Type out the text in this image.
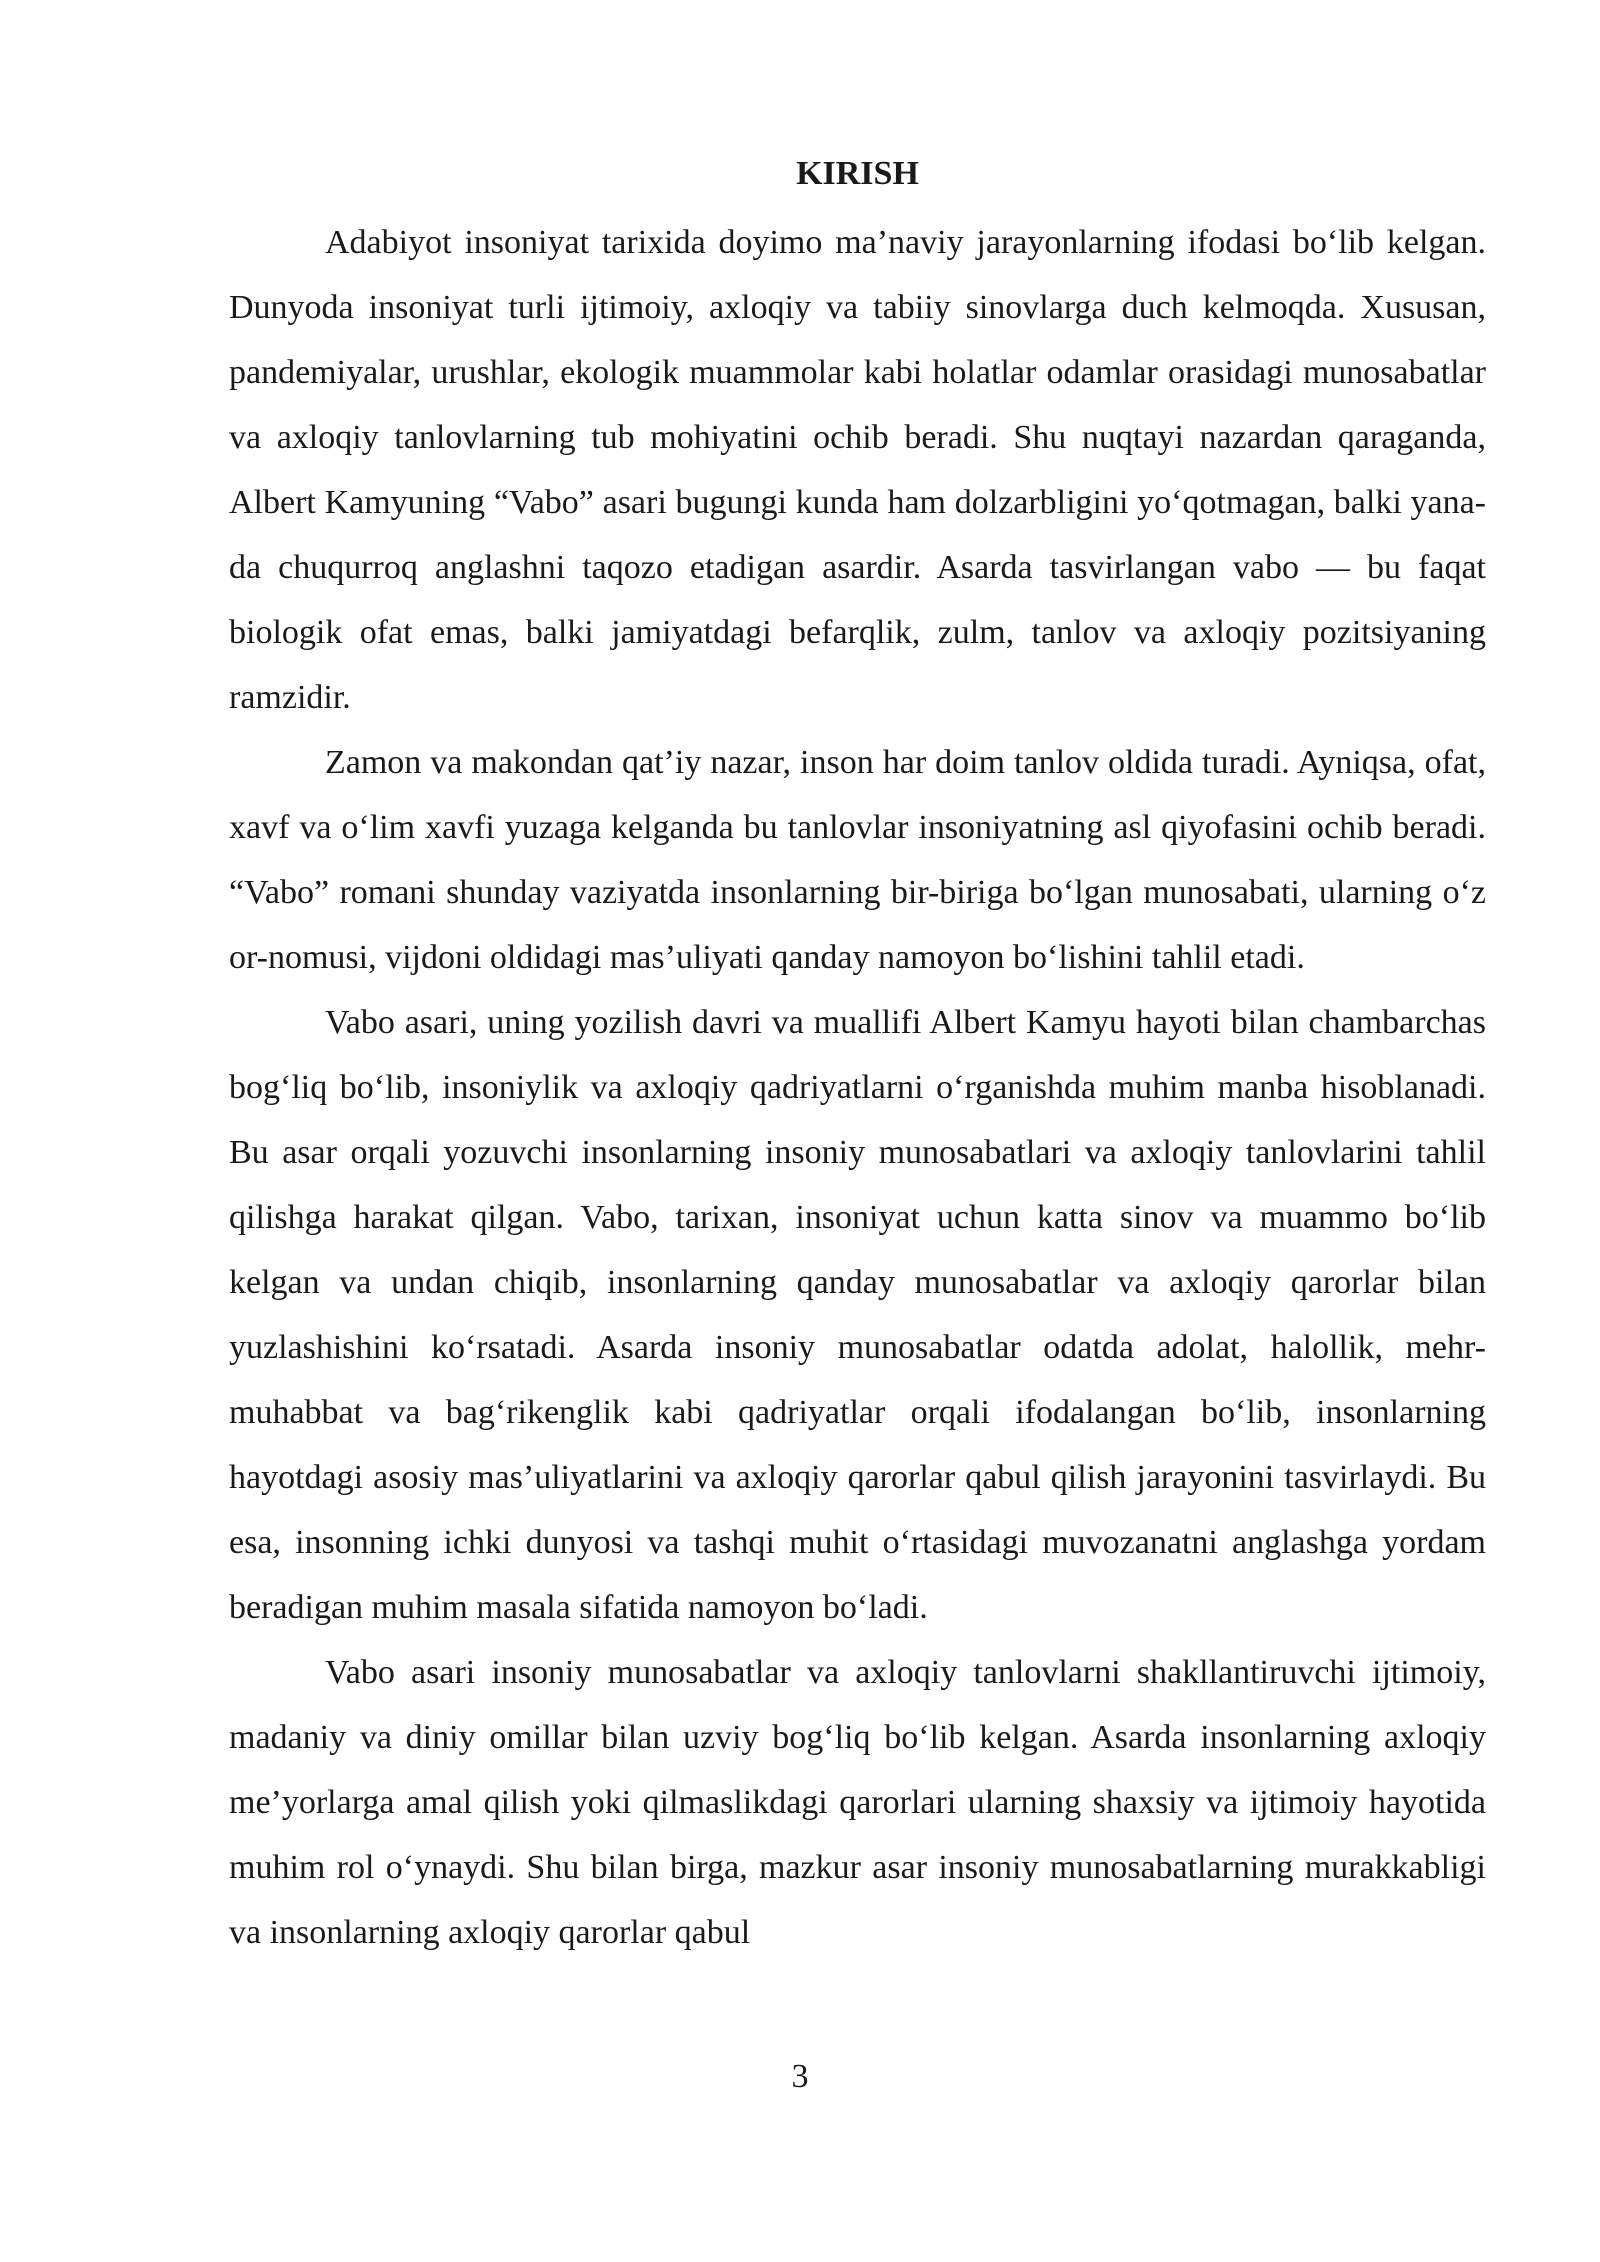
KIRISH

Adabiyot insoniyat tarixida doyimo ma’naviy jarayonlarning ifodasi bo‘lib kelgan. Dunyoda insoniyat turli ijtimoiy, axloqiy va tabiiy sinovlarga duch kelmoqda. Xususan, pandemiyalar, urushlar, ekologik muammolar kabi holatlar odamlar orasidagi munosabatlar va axloqiy tanlovlarning tub mohiyatini ochib beradi. Shu nuqtayi nazardan qaraganda, Albert Kamyuning “Vabo” asari bugungi kunda ham dolzarbligini yo‘qotmagan, balki yana-da chuqurroq anglashni taqozo etadigan asardir. Asarda tasvirlangan vabo — bu faqat biologik ofat emas, balki jamiyatdagi befarqlik, zulm, tanlov va axloqiy pozitsiyaning ramzidir.

Zamon va makondan qat’iy nazar, inson har doim tanlov oldida turadi. Ayniqsa, ofat, xavf va o‘lim xavfi yuzaga kelganda bu tanlovlar insoniyatning asl qiyofasini ochib beradi. “Vabo” romani shunday vaziyatda insonlarning bir-biriga bo‘lgan munosabati, ularning o‘z or-nomusi, vijdoni oldidagi mas’uliyati qanday namoyon bo‘lishini tahlil etadi.

Vabo asari, uning yozilish davri va muallifi Albert Kamyu hayoti bilan chambarchas bog‘liq bo‘lib, insoniylik va axloqiy qadriyatlarni o‘rganishda muhim manba hisoblanadi. Bu asar orqali yozuvchi insonlarning insoniy munosabatlari va axloqiy tanlovlarini tahlil qilishga harakat qilgan. Vabo, tarixan, insoniyat uchun katta sinov va muammo bo‘lib kelgan va undan chiqib, insonlarning qanday munosabatlar va axloqiy qarorlar bilan yuzlashishini ko‘rsatadi. Asarda insoniy munosabatlar odatda adolat, halollik, mehr-muhabbat va bag‘rikenglik kabi qadriyatlar orqali ifodalangan bo‘lib, insonlarning hayotdagi asosiy mas’uliyatlarini va axloqiy qarorlar qabul qilish jarayonini tasvirlaydi. Bu esa, insonning ichki dunyosi va tashqi muhit o‘rtasidagi muvozanatni anglashga yordam beradigan muhim masala sifatida namoyon bo‘ladi.

Vabo asari insoniy munosabatlar va axloqiy tanlovlarni shakllantiruvchi ijtimoiy, madaniy va diniy omillar bilan uzviy bog‘liq bo‘lib kelgan. Asarda insonlarning axloqiy me’yorlarga amal qilish yoki qilmaslikdagi qarorlari ularning shaxsiy va ijtimoiy hayotida muhim rol o‘ynaydi. Shu bilan birga, mazkur asar insoniy munosabatlarning murakkabligi va insonlarning axloqiy qarorlar qabul

3
